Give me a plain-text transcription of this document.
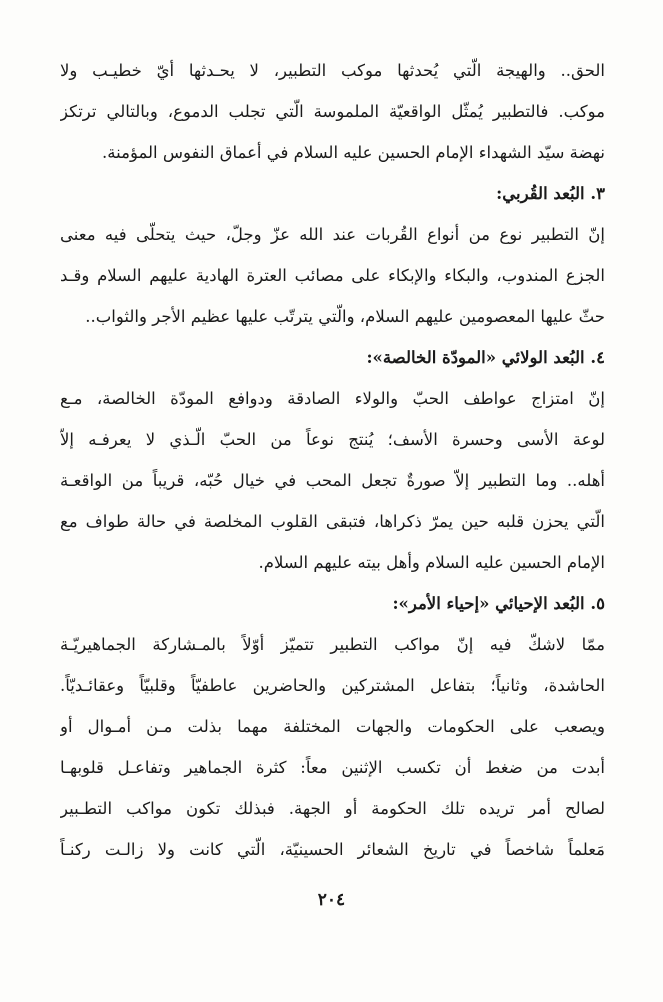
الحق.. والهيجة الّتي يُحدثها موكب التطبير، لا يحـدثها أيّ خطيـب ولا
موكب. فالتطبير يُمثّل الواقعيّة الملموسة الّتي تجلب الدموع، وبالتالي ترتكز
نهضة سيّد الشهداء الإمام الحسين عليه السلام في أعماق النفوس المؤمنة.
٣. البُعد القُربي:
إنّ التطبير نوع من أنواع القُربات عند الله عزّ وجلّ، حيث يتحلّى فيه معنى
الجزع المندوب، والبكاء والإبكاء على مصائب العترة الهادية عليهم السلام وقـد
حثّ عليها المعصومين عليهم السلام، والّتي يترتّب عليها عظيم الأجر والثواب..
٤. البُعد الولائي «المودّة الخالصة»:
إنّ امتزاج عواطف الحبّ والولاء الصادقة ودوافع المودّة الخالصة، مـع
لوعة الأسى وحسرة الأسف؛ يُنتج نوعاً من الحبّ الّـذي لا يعرفـه إلاّ
أهله.. وما التطبير إلاّ صورةٌ تجعل المحب في خيال حُبّه، قريباً من الواقعـة
الّتي يحزن قلبه حين يمرّ ذكراها، فتبقى القلوب المخلصة في حالة طواف مع
الإمام الحسين عليه السلام وأهل بيته عليهم السلام.
٥. البُعد الإحيائي «إحياء الأمر»:
ممّا لاشكّ فيه إنّ مواكب التطبير تتميّز أوّلاً بالمـشاركة الجماهيريّـة
الحاشدة، وثانياً؛ بتفاعل المشتركين والحاضرين عاطفيّاً وقلبيّاً وعقائـديّاً.
ويصعب على الحكومات والجهات المختلفة مهما بذلت مـن أمـوال أو
أبدت من ضغط أن تكسب الإثنين معاً: كثرة الجماهير وتفاعـل قلوبهـا
لصالح أمر تريده تلك الحكومة أو الجهة. فبذلك تكون مواكب التطـبير
مَعلماً شاخصاً في تاريخ الشعائر الحسينيّة، الّتي كانت ولا زالـت ركنـاً
٢٠٤
